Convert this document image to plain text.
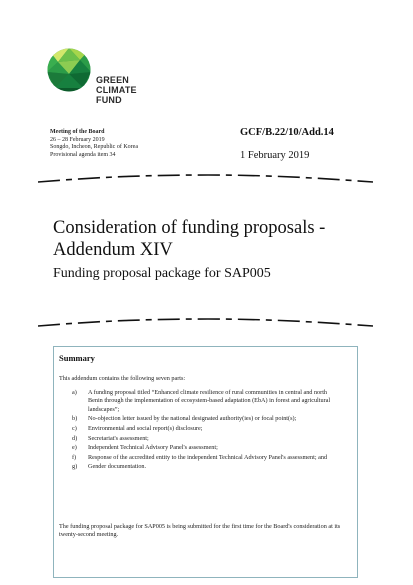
GREEN
CLIMATE
FUND
Meeting of the Board
26 – 28 February 2019
Songdo, Incheon, Republic of Korea
Provisional agenda item 34
GCF/B.22/10/Add.14
1 February 2019
Consideration of funding proposals - Addendum XIV
Funding proposal package for SAP005
Summary
This addendum contains the following seven parts:
a) A funding proposal titled “Enhanced climate resilience of rural communities in central and north Benin through the implementation of ecosystem-based adaptation (EbA) in forest and agricultural landscapes”;
b) No-objection letter issued by the national designated authority(ies) or focal point(s);
c) Environmental and social report(s) disclosure;
d) Secretariat's assessment;
e) Independent Technical Advisory Panel's assessment;
f) Response of the accredited entity to the independent Technical Advisory Panel's assessment; and
g) Gender documentation.
The funding proposal package for SAP005 is being submitted for the first time for the Board's consideration at its twenty-second meeting.
